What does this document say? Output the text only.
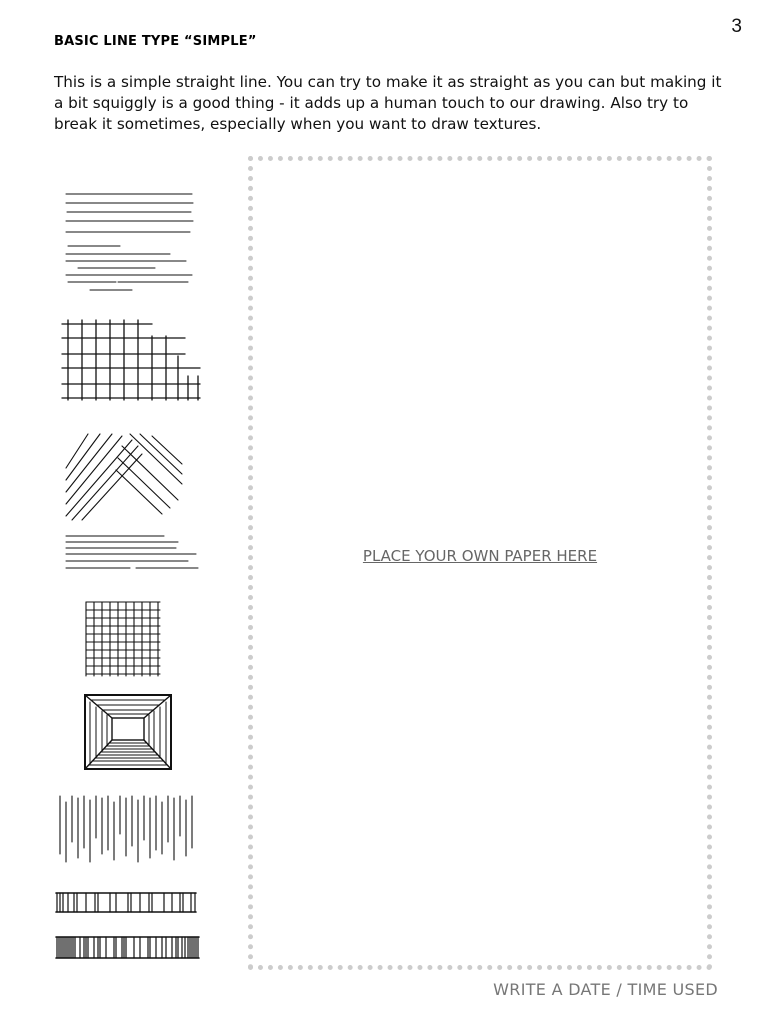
3
BASIC LINE TYPE “SIMPLE”

This is a simple straight line. You can try to make it as straight as you can but making it a bit squiggly is a good thing - it adds up a human touch to our drawing. Also try to break it sometimes, especially when you want to draw textures.

PLACE YOUR OWN PAPER HERE
WRITE A DATE / TIME USED
